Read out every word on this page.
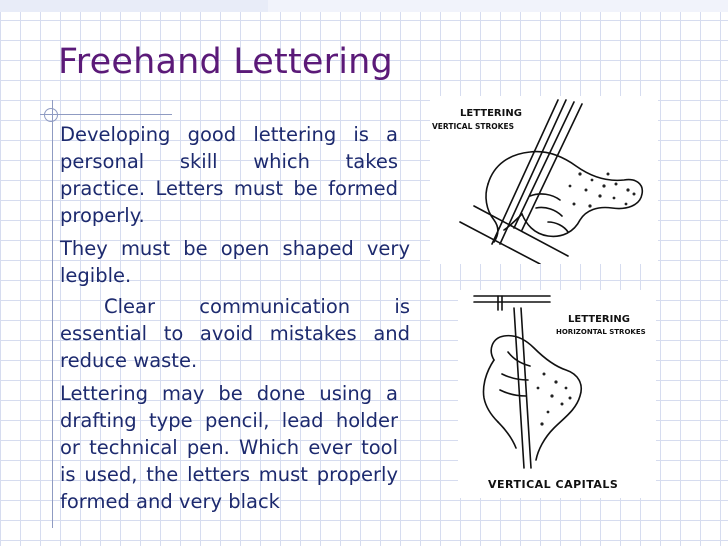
Freehand Lettering

Developing good lettering is a personal skill which takes practice. Letters must be formed properly.

They must be open shaped very legible.

Clear communication is essential to avoid mistakes and reduce waste.

Lettering may be done using a drafting type pencil, lead holder or technical pen. Which ever tool is used, the letters must properly formed and very black

LETTERING
VERTICAL STROKES
LETTERING
HORIZONTAL STROKES
VERTICAL CAPITALS
